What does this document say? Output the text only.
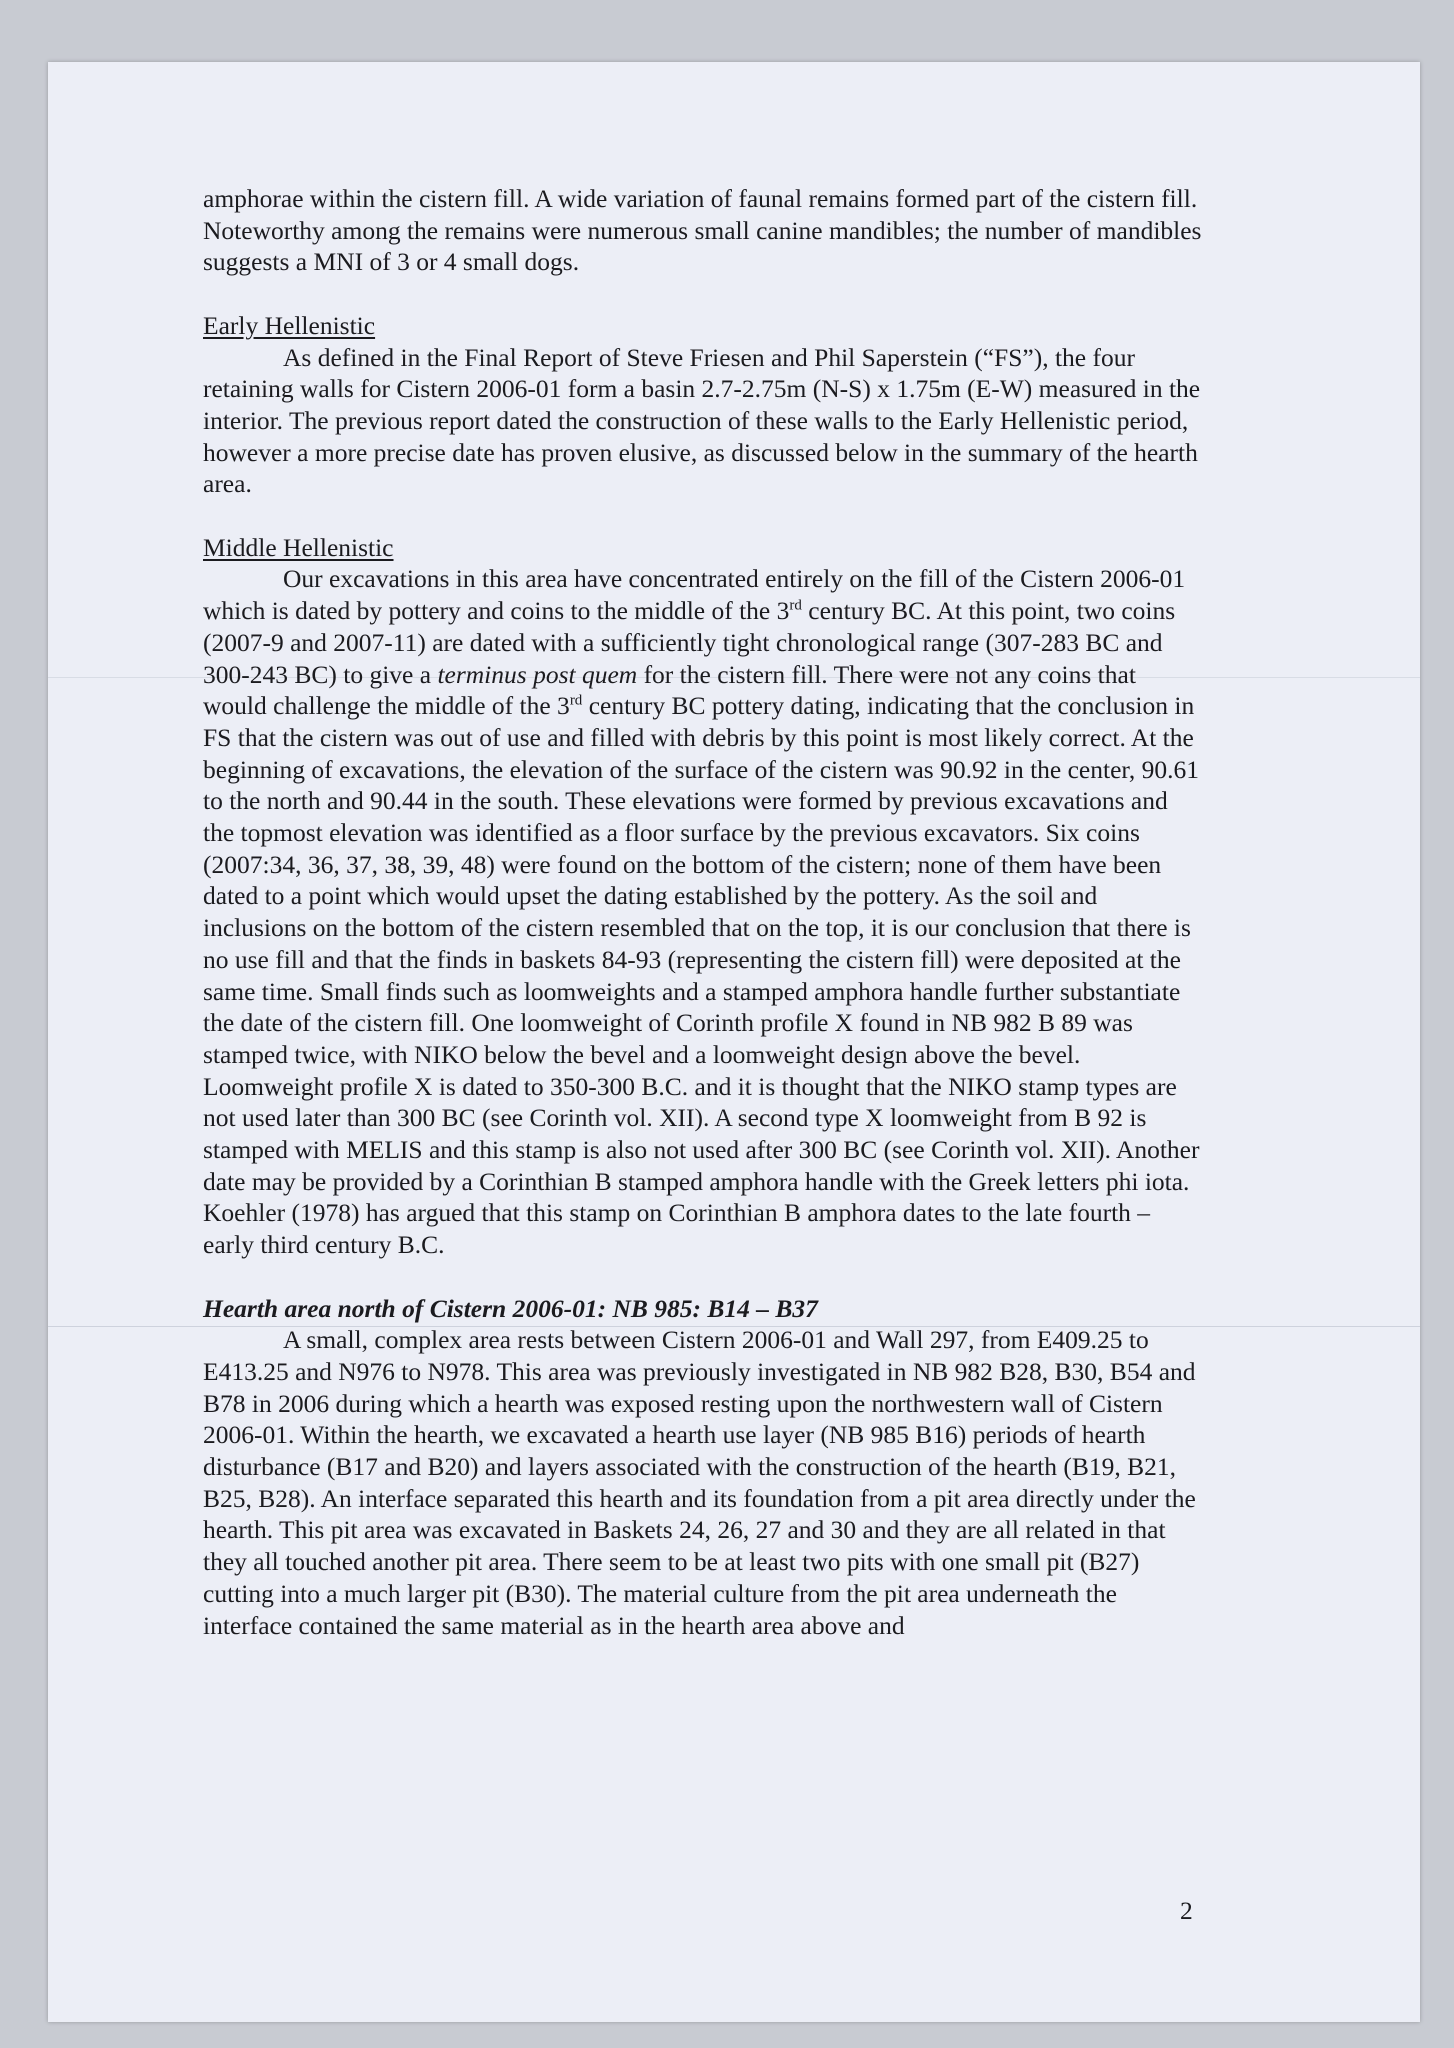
amphorae within the cistern fill. A wide variation of faunal remains formed part of the cistern fill. Noteworthy among the remains were numerous small canine mandibles; the number of mandibles suggests a MNI of 3 or 4 small dogs.

Early Hellenistic

As defined in the Final Report of Steve Friesen and Phil Saperstein (“FS”), the four retaining walls for Cistern 2006-01 form a basin 2.7-2.75m (N-S) x 1.75m (E-W) measured in the interior. The previous report dated the construction of these walls to the Early Hellenistic period, however a more precise date has proven elusive, as discussed below in the summary of the hearth area.

Middle Hellenistic

Our excavations in this area have concentrated entirely on the fill of the Cistern 2006-01 which is dated by pottery and coins to the middle of the 3rd century BC. At this point, two coins (2007-9 and 2007-11) are dated with a sufficiently tight chronological range (307-283 BC and 300-243 BC) to give a terminus post quem for the cistern fill. There were not any coins that would challenge the middle of the 3rd century BC pottery dating, indicating that the conclusion in FS that the cistern was out of use and filled with debris by this point is most likely correct. At the beginning of excavations, the elevation of the surface of the cistern was 90.92 in the center, 90.61 to the north and 90.44 in the south. These elevations were formed by previous excavations and the topmost elevation was identified as a floor surface by the previous excavators. Six coins (2007:34, 36, 37, 38, 39, 48) were found on the bottom of the cistern; none of them have been dated to a point which would upset the dating established by the pottery. As the soil and inclusions on the bottom of the cistern resembled that on the top, it is our conclusion that there is no use fill and that the finds in baskets 84-93 (representing the cistern fill) were deposited at the same time. Small finds such as loomweights and a stamped amphora handle further substantiate the date of the cistern fill. One loomweight of Corinth profile X found in NB 982 B 89 was stamped twice, with NIKO below the bevel and a loomweight design above the bevel. Loomweight profile X is dated to 350-300 B.C. and it is thought that the NIKO stamp types are not used later than 300 BC (see Corinth vol. XII). A second type X loomweight from B 92 is stamped with MELIS and this stamp is also not used after 300 BC (see Corinth vol. XII). Another date may be provided by a Corinthian B stamped amphora handle with the Greek letters phi iota. Koehler (1978) has argued that this stamp on Corinthian B amphora dates to the late fourth – early third century B.C.

Hearth area north of Cistern 2006-01: NB 985: B14 – B37

A small, complex area rests between Cistern 2006-01 and Wall 297, from E409.25 to E413.25 and N976 to N978. This area was previously investigated in NB 982 B28, B30, B54 and B78 in 2006 during which a hearth was exposed resting upon the northwestern wall of Cistern 2006-01. Within the hearth, we excavated a hearth use layer (NB 985 B16) periods of hearth disturbance (B17 and B20) and layers associated with the construction of the hearth (B19, B21, B25, B28). An interface separated this hearth and its foundation from a pit area directly under the hearth. This pit area was excavated in Baskets 24, 26, 27 and 30 and they are all related in that they all touched another pit area. There seem to be at least two pits with one small pit (B27) cutting into a much larger pit (B30). The material culture from the pit area underneath the interface contained the same material as in the hearth area above and

2
